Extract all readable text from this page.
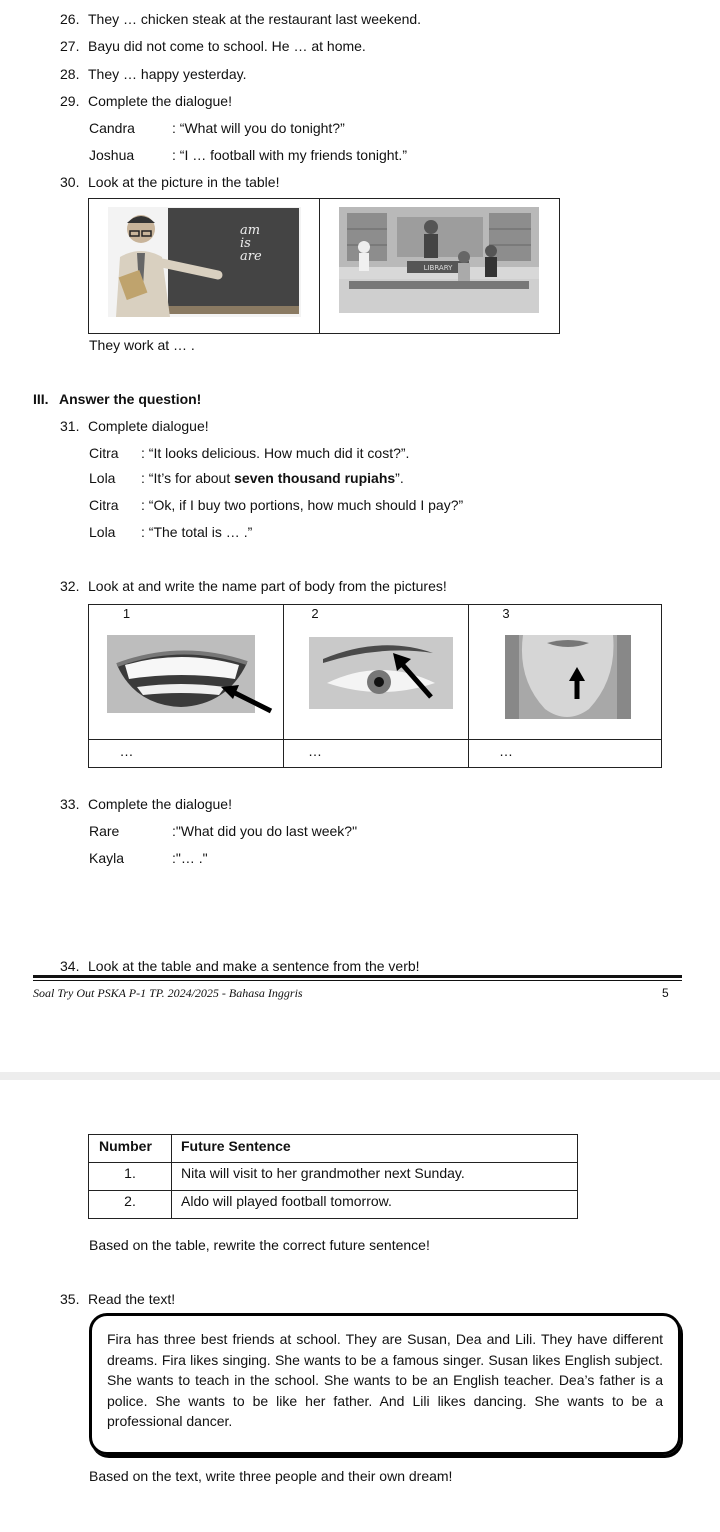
26. They … chicken steak at the restaurant last weekend.
27. Bayu did not come to school. He … at home.
28. They … happy yesterday.
29. Complete the dialogue!
Candra	: “What will you do tonight?”
Joshua	: “I … football with my friends tonight.”
30. Look at the picture in the table!
am
is
are
LIBRARY
They work at … .
III. Answer the question!
31. Complete dialogue!
Citra : “It looks delicious. How much did it cost?”.
Lola : “It’s for about seven thousand rupiahs”.
Citra : “Ok, if I buy two portions, how much should I pay?”
Lola : “The total is … .”
32. Look at and write the name part of body from the pictures!
1	2	3
…	…	…
33. Complete the dialogue!
Rare	:"What did you do last week?"
Kayla	:"… ."
34. Look at the table and make a sentence from the verb!
Soal Try Out PSKA P-1 TP. 2024/2025 - Bahasa Inggris	5
Number Future Sentence
1.	Nita will visit to her grandmother next Sunday.
2.	Aldo will played football tomorrow.
Based on the table, rewrite the correct future sentence!
35. Read the text!
Fira has three best friends at school. They are Susan, Dea and Lili. They have different dreams. Fira likes singing. She wants to be a famous singer. Susan likes English subject. She wants to teach in the school. She wants to be an English teacher. Dea’s father is a police. She wants to be like her father. And Lili likes dancing. She wants to be a professional dancer.
Based on the text, write three people and their own dream!
